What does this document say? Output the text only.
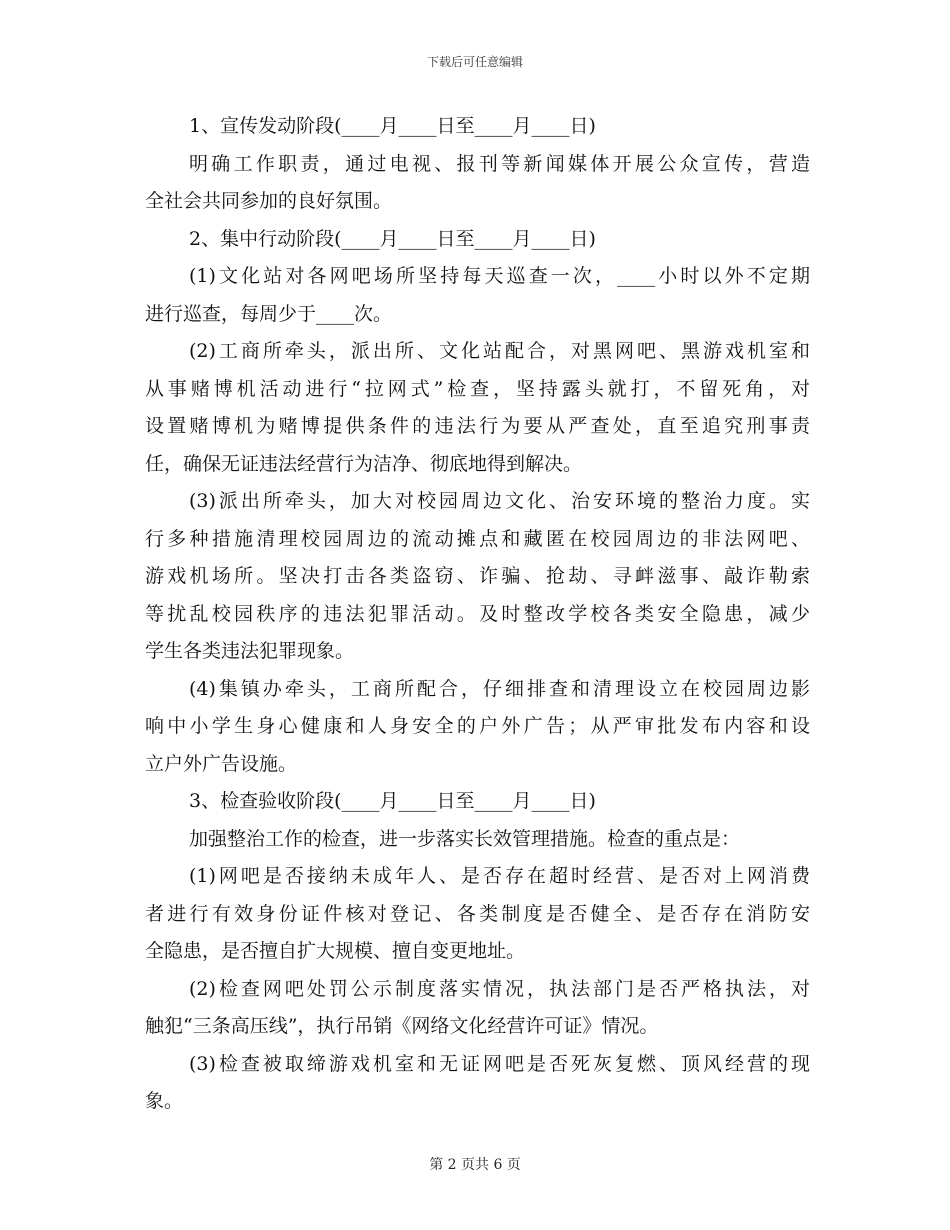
下载后可任意编辑
1、宣传发动阶段(____月____日至____月____日)
明确工作职责，通过电视、报刊等新闻媒体开展公众宣传，营造
全社会共同参加的良好氛围。
2、集中行动阶段(____月____日至____月____日)
(1)文化站对各网吧场所坚持每天巡查一次，____小时以外不定期
进行巡查，每周少于____次。
(2)工商所牵头，派出所、文化站配合，对黑网吧、黑游戏机室和
从事赌博机活动进行“拉网式”检查，坚持露头就打，不留死角，对
设置赌博机为赌博提供条件的违法行为要从严查处，直至追究刑事责
任，确保无证违法经营行为洁净、彻底地得到解决。
(3)派出所牵头，加大对校园周边文化、治安环境的整治力度。实
行多种措施清理校园周边的流动摊点和藏匿在校园周边的非法网吧、
游戏机场所。坚决打击各类盗窃、诈骗、抢劫、寻衅滋事、敲诈勒索
等扰乱校园秩序的违法犯罪活动。及时整改学校各类安全隐患，减少
学生各类违法犯罪现象。
(4)集镇办牵头，工商所配合，仔细排查和清理设立在校园周边影
响中小学生身心健康和人身安全的户外广告；从严审批发布内容和设
立户外广告设施。
3、检查验收阶段(____月____日至____月____日)
加强整治工作的检查，进一步落实长效管理措施。检查的重点是：
(1)网吧是否接纳未成年人、是否存在超时经营、是否对上网消费
者进行有效身份证件核对登记、各类制度是否健全、是否存在消防安
全隐患，是否擅自扩大规模、擅自变更地址。
(2)检查网吧处罚公示制度落实情况，执法部门是否严格执法，对
触犯“三条高压线”，执行吊销《网络文化经营许可证》情况。
(3)检查被取缔游戏机室和无证网吧是否死灰复燃、顶风经营的现
象。
第 2 页共 6 页
